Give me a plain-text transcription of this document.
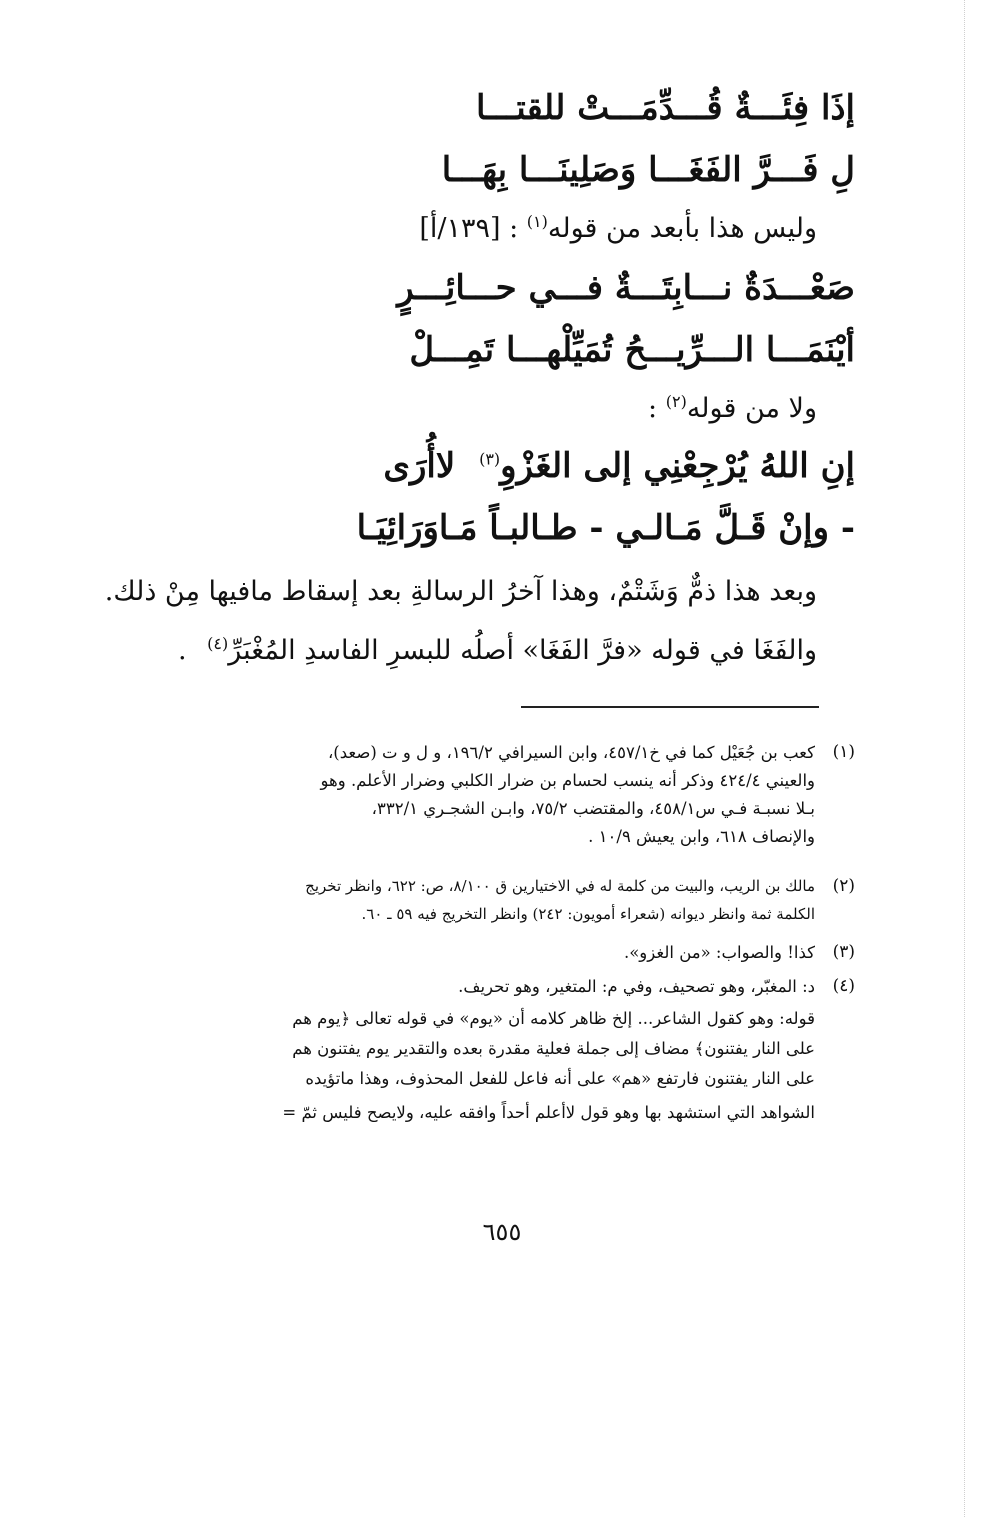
إذَا فِئَـــةٌ قُـــدِّمَـــتْ للقتـــا
لِ فَـــرَّ الفَغَـــا وَصَلِينَـــا بِهَـــا
وليس هذا بأبعد من قوله$^{(١)}$ : [١٣٩/أ]
صَعْـــدَةٌ نـــابِتَـــةٌ فـــي حـــائِـــرٍ
أيْنَمَـــا الـــرِّيـــحُ تُمَيِّلْهـــا تَمِـــلْ
ولا من قوله$^{(٢)}$ :
إنِ اللهُ يُرْجِعْنِي إلى الغَزْوِ$^{(٣)}$ لاأُرَى
- وإنْ قَـلَّ مَـالـي - طـالبـاً مَـاوَرَائِيَـا
وبعد هذا ذمٌّ وَشَتْمٌ، وهذا آخرُ الرسالةِ بعد إسقاط مافيها مِنْ ذلك.
والفَغَا في قوله «فرَّ الفَغَا» أصلُه للبسرِ الفاسدِ المُغْبَرِّ$^{(٤)}$ .
(١)
كعب بن جُعَيْل كما في خ٤٥٧/١، وابن السيرافي ١٩٦/٢، و ل و ت (صعد)،
والعيني ٤٢٤/٤ وذكر أنه ينسب لحسام بن ضرار الكلبي وضرار الأعلم. وهو
بـلا نسبـة فـي س٤٥٨/١، والمقتضب ٧٥/٢، وابـن الشجـري ٣٣٢/١،
والإنصاف ٦١٨، وابن يعيش ١٠/٩ .
(٢)
مالك بن الريب، والبيت من كلمة له في الاختيارين ق ٨/١٠٠، ص: ٦٢٢، وانظر تخريج
الكلمة ثمة وانظر ديوانه (شعراء أمويون: ٢٤٢) وانظر التخريج فيه ٥٩ ـ ٦٠.
(٣)
كذا! والصواب: «من الغزو».
(٤)
د: المغبّر، وهو تصحيف، وفي م: المتغير، وهو تحريف.
قوله: وهو كقول الشاعر... إلخ ظاهر كلامه أن «يوم» في قوله تعالى ﴿يوم هم
على النار يفتنون﴾ مضاف إلى جملة فعلية مقدرة بعده والتقدير يوم يفتنون هم
على النار يفتنون فارتفع «هم» على أنه فاعل للفعل المحذوف، وهذا ماتؤيده
الشواهد التي استشهد بها وهو قول لاأعلم أحداً وافقه عليه، ولايصح فليس ثمّ =
٦٥٥
